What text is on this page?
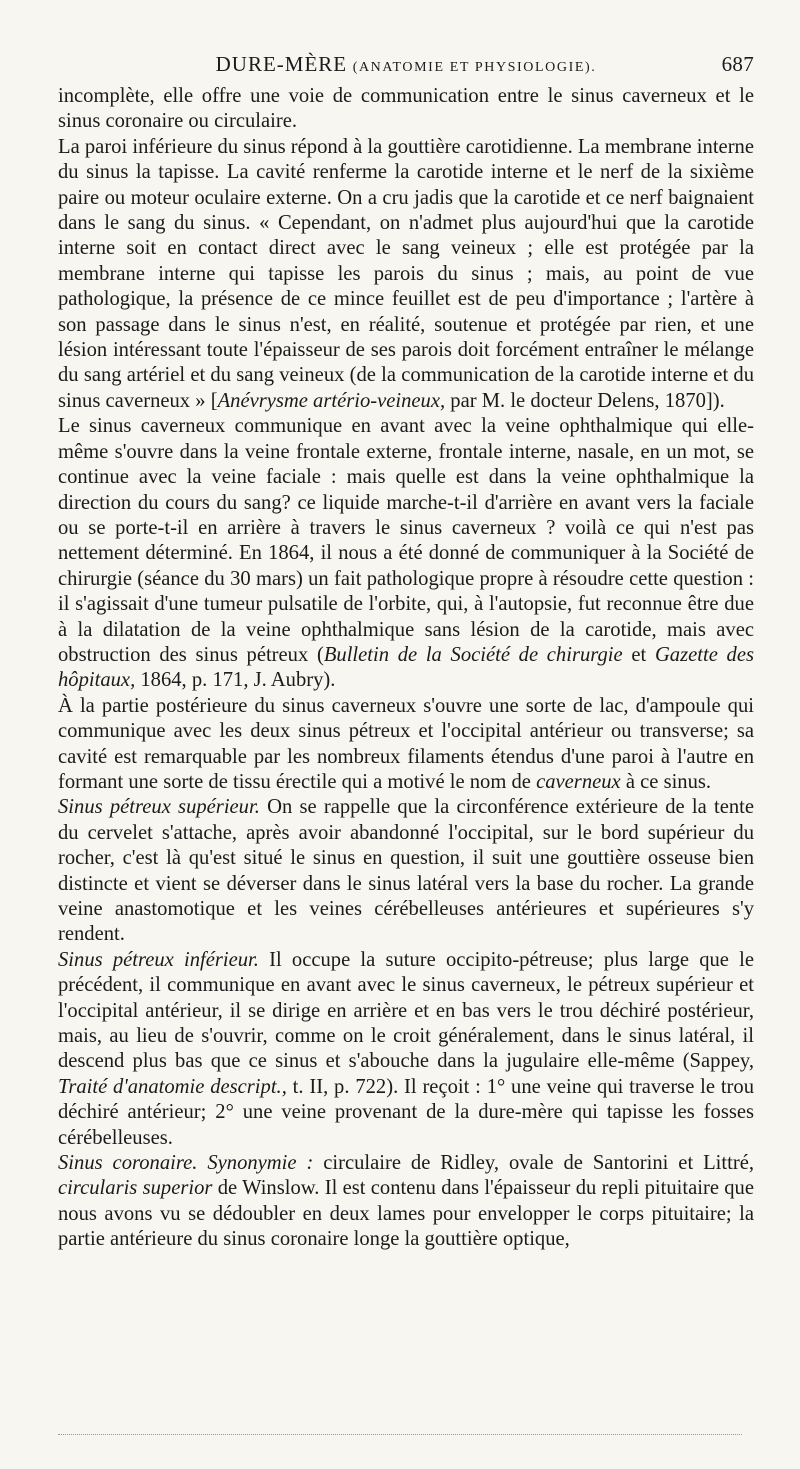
DURE-MÈRE (ANATOMIE ET PHYSIOLOGIE).	687

incomplète, elle offre une voie de communication entre le sinus caverneux et le sinus coronaire ou circulaire.

La paroi inférieure du sinus répond à la gouttière carotidienne. La membrane interne du sinus la tapisse. La cavité renferme la carotide interne et le nerf de la sixième paire ou moteur oculaire externe. On a cru jadis que la carotide et ce nerf baignaient dans le sang du sinus. « Cependant, on n'admet plus aujourd'hui que la carotide interne soit en contact direct avec le sang veineux ; elle est protégée par la membrane interne qui tapisse les parois du sinus ; mais, au point de vue pathologique, la présence de ce mince feuillet est de peu d'importance ; l'artère à son passage dans le sinus n'est, en réalité, soutenue et protégée par rien, et une lésion intéressant toute l'épaisseur de ses parois doit forcément entraîner le mélange du sang artériel et du sang veineux (de la communication de la carotide interne et du sinus caverneux » [Anévrysme artério-veineux, par M. le docteur Delens, 1870]).

Le sinus caverneux communique en avant avec la veine ophthalmique qui elle-même s'ouvre dans la veine frontale externe, frontale interne, nasale, en un mot, se continue avec la veine faciale : mais quelle est dans la veine ophthalmique la direction du cours du sang? ce liquide marche-t-il d'arrière en avant vers la faciale ou se porte-t-il en arrière à travers le sinus caverneux ? voilà ce qui n'est pas nettement déterminé. En 1864, il nous a été donné de communiquer à la Société de chirurgie (séance du 30 mars) un fait pathologique propre à résoudre cette question : il s'agissait d'une tumeur pulsatile de l'orbite, qui, à l'autopsie, fut reconnue être due à la dilatation de la veine ophthalmique sans lésion de la carotide, mais avec obstruction des sinus pétreux (Bulletin de la Société de chirurgie et Gazette des hôpitaux, 1864, p. 171, J. Aubry).

À la partie postérieure du sinus caverneux s'ouvre une sorte de lac, d'ampoule qui communique avec les deux sinus pétreux et l'occipital antérieur ou transverse; sa cavité est remarquable par les nombreux filaments étendus d'une paroi à l'autre en formant une sorte de tissu érectile qui a motivé le nom de caverneux à ce sinus.

Sinus pétreux supérieur. On se rappelle que la circonférence extérieure de la tente du cervelet s'attache, après avoir abandonné l'occipital, sur le bord supérieur du rocher, c'est là qu'est situé le sinus en question, il suit une gouttière osseuse bien distincte et vient se déverser dans le sinus latéral vers la base du rocher. La grande veine anastomotique et les veines cérébelleuses antérieures et supérieures s'y rendent.

Sinus pétreux inférieur. Il occupe la suture occipito-pétreuse; plus large que le précédent, il communique en avant avec le sinus caverneux, le pétreux supérieur et l'occipital antérieur, il se dirige en arrière et en bas vers le trou déchiré postérieur, mais, au lieu de s'ouvrir, comme on le croit généralement, dans le sinus latéral, il descend plus bas que ce sinus et s'abouche dans la jugulaire elle-même (Sappey, Traité d'anatomie descript., t. II, p. 722). Il reçoit : 1° une veine qui traverse le trou déchiré antérieur; 2° une veine provenant de la dure-mère qui tapisse les fosses cérébelleuses.

Sinus coronaire. Synonymie : circulaire de Ridley, ovale de Santorini et Littré, circularis superior de Winslow. Il est contenu dans l'épaisseur du repli pituitaire que nous avons vu se dédoubler en deux lames pour envelopper le corps pituitaire; la partie antérieure du sinus coronaire longe la gouttière optique,
